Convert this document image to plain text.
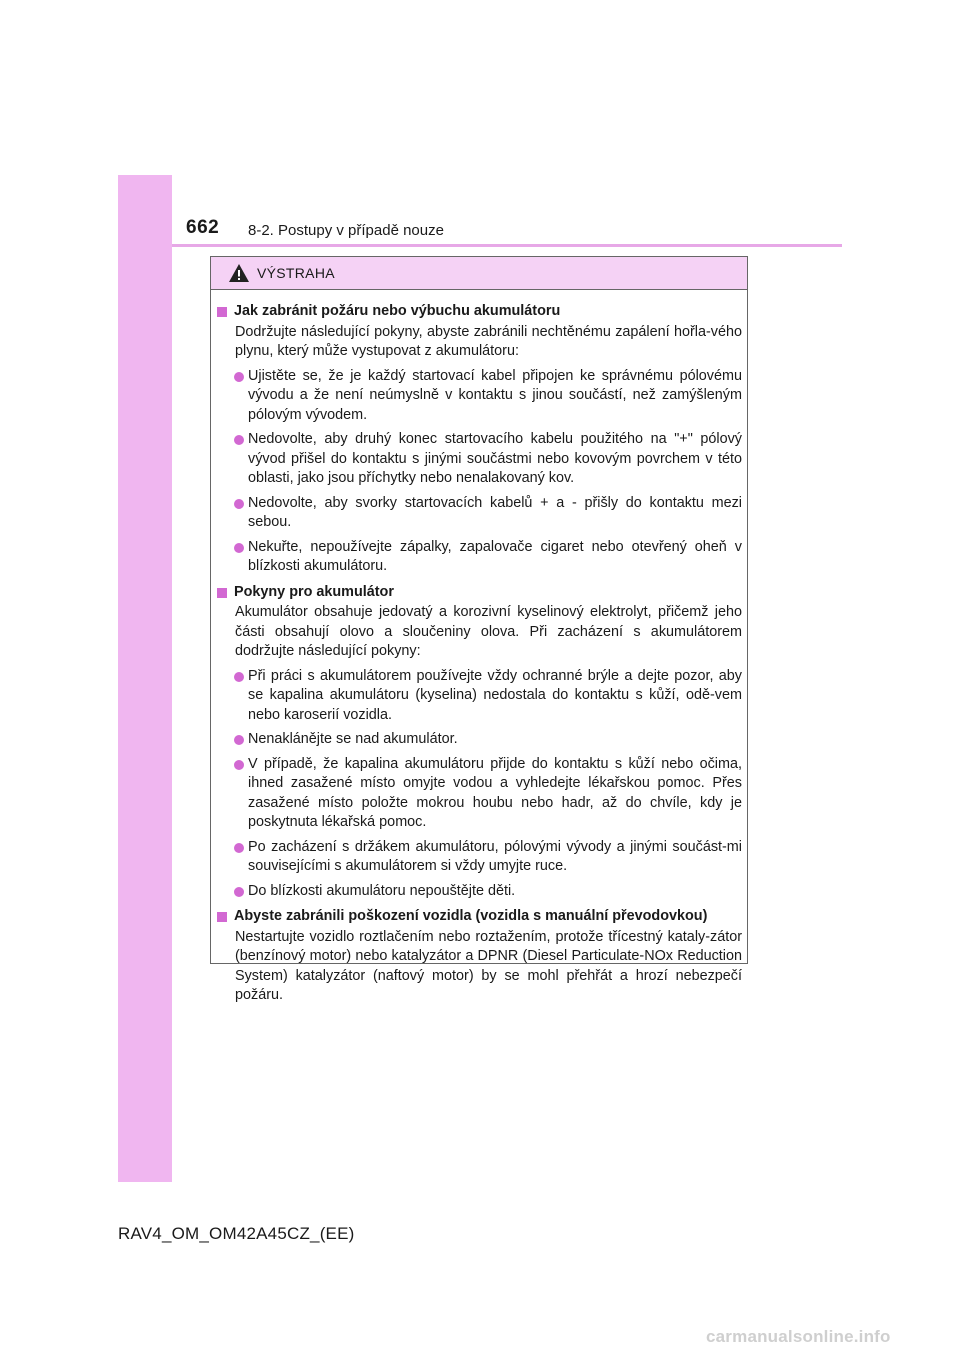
662 8-2. Postupy v případě nouze
VÝSTRAHA
Jak zabránit požáru nebo výbuchu akumulátoru
Dodržujte následující pokyny, abyste zabránili nechtěnému zapálení hořla-vého plynu, který může vystupovat z akumulátoru:
Ujistěte se, že je každý startovací kabel připojen ke správnému pólovému vývodu a že není neúmyslně v kontaktu s jinou součástí, než zamýšleným pólovým vývodem.
Nedovolte, aby druhý konec startovacího kabelu použitého na "+" pólový vývod přišel do kontaktu s jinými součástmi nebo kovovým povrchem v této oblasti, jako jsou příchytky nebo nenalakovaný kov.
Nedovolte, aby svorky startovacích kabelů + a - přišly do kontaktu mezi sebou.
Nekuřte, nepoužívejte zápalky, zapalovače cigaret nebo otevřený oheň v blízkosti akumulátoru.
Pokyny pro akumulátor
Akumulátor obsahuje jedovatý a korozivní kyselinový elektrolyt, přičemž jeho části obsahují olovo a sloučeniny olova. Při zacházení s akumulátorem dodržujte následující pokyny:
Při práci s akumulátorem používejte vždy ochranné brýle a dejte pozor, aby se kapalina akumulátoru (kyselina) nedostala do kontaktu s kůží, odě-vem nebo karoserií vozidla.
Nenaklánějte se nad akumulátor.
V případě, že kapalina akumulátoru přijde do kontaktu s kůží nebo očima, ihned zasažené místo omyjte vodou a vyhledejte lékařskou pomoc. Přes zasažené místo položte mokrou houbu nebo hadr, až do chvíle, kdy je poskytnuta lékařská pomoc.
Po zacházení s držákem akumulátoru, pólovými vývody a jinými součást-mi souvisejícími s akumulátorem si vždy umyjte ruce.
Do blízkosti akumulátoru nepouštějte děti.
Abyste zabránili poškození vozidla (vozidla s manuální převodovkou)
Nestartujte vozidlo roztlačením nebo roztažením, protože třícestný kataly-zátor (benzínový motor) nebo katalyzátor a DPNR (Diesel Particulate-NOx Reduction System) katalyzátor (naftový motor) by se mohl přehřát a hrozí nebezpečí požáru.
RAV4_OM_OM42A45CZ_(EE)
carmanualsonline.info
